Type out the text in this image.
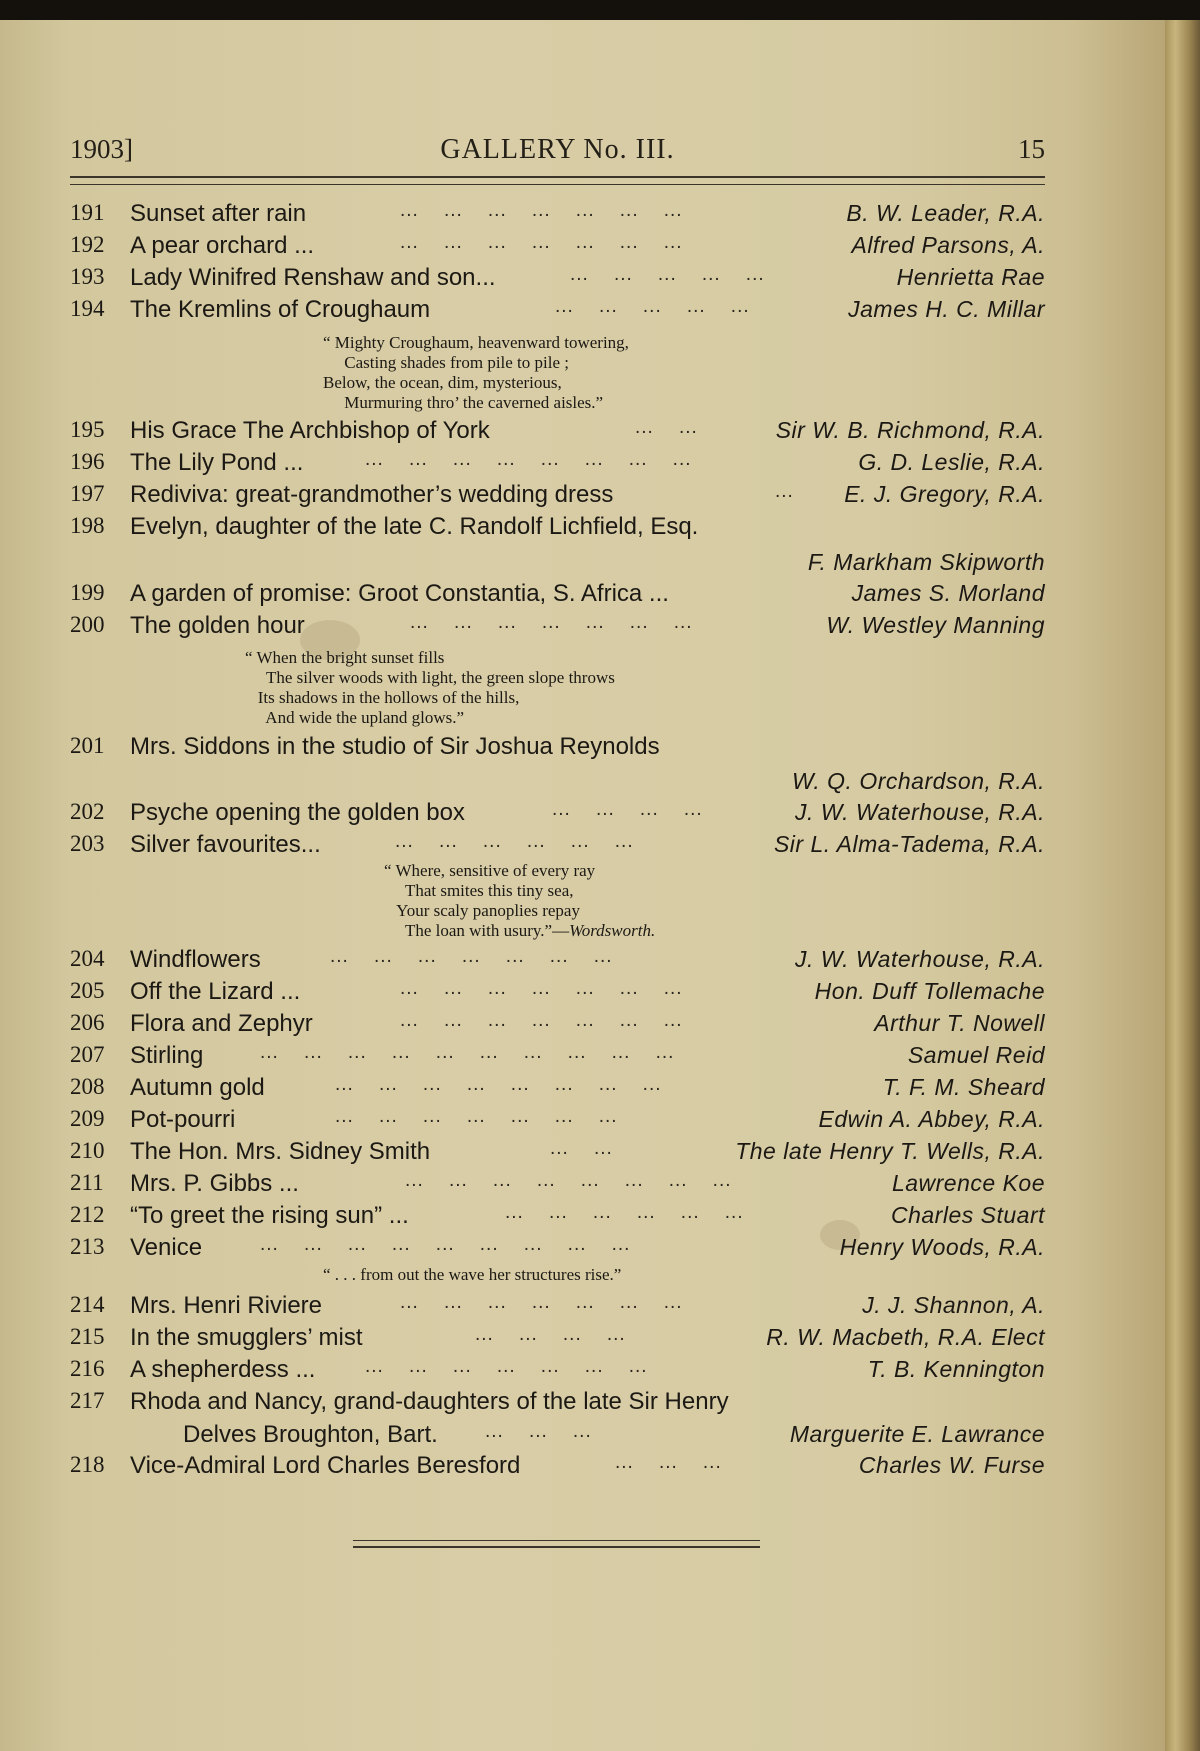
1903]	GALLERY No. III.	15
191 Sunset after rain	...    ...    ...    ...    ...    ...    ...	B. W. Leader, R.A.
192 A pear orchard ...	...    ...    ...    ...    ...    ...    ...	Alfred Parsons, A.
193 Lady Winifred Renshaw and son...	...    ...    ...    ...    ...	Henrietta Rae
194 The Kremlins of Croughaum	...    ...    ...    ...    ...	James H. C. Millar
“ Mighty Croughaum, heavenward towering,
Casting shades from pile to pile ;
Below, the ocean, dim, mysterious,
Murmuring thro’ the caverned aisles.”
195 His Grace The Archbishop of York	...    ...	Sir W. B. Richmond, R.A.
196 The Lily Pond ...	...    ...    ...    ...    ...    ...    ...    ...	G. D. Leslie, R.A.
197 Rediviva: great-grandmother’s wedding dress	...	E. J. Gregory, R.A.
198 Evelyn, daughter of the late C. Randolf Lichfield, Esq.
F. Markham Skipworth
199 A garden of promise: Groot Constantia, S. Africa ...	James S. Morland
200 The golden hour	...    ...    ...    ...    ...    ...    ...	W. Westley Manning
“ When the bright sunset fills
The silver woods with light, the green slope throws
Its shadows in the hollows of the hills,
And wide the upland glows.”
201 Mrs. Siddons in the studio of Sir Joshua Reynolds
W. Q. Orchardson, R.A.
202 Psyche opening the golden box	...    ...    ...    ...	J. W. Waterhouse, R.A.
203 Silver favourites...	...    ...    ...    ...    ...    ...	Sir L. Alma-Tadema, R.A.
“ Where, sensitive of every ray
That smites this tiny sea,
Your scaly panoplies repay
The loan with usury.”—Wordsworth.
204 Windflowers	...    ...    ...    ...    ...    ...    ...	J. W. Waterhouse, R.A.
205 Off the Lizard ...	...    ...    ...    ...    ...    ...    ...	Hon. Duff Tollemache
206 Flora and Zephyr	...    ...    ...    ...    ...    ...    ...	Arthur T. Nowell
207 Stirling	...    ...    ...    ...    ...    ...    ...    ...    ...    ...	Samuel Reid
208 Autumn gold	...    ...    ...    ...    ...    ...    ...    ...	T. F. M. Sheard
209 Pot-pourri	...    ...    ...    ...    ...    ...    ...	Edwin A. Abbey, R.A.
210 The Hon. Mrs. Sidney Smith	...    ...	The late Henry T. Wells, R.A.
211 Mrs. P. Gibbs ...	...    ...    ...    ...    ...    ...    ...    ...	Lawrence Koe
212 “To greet the rising sun” ...	...    ...    ...    ...    ...    ...	Charles Stuart
213 Venice	...    ...    ...    ...    ...    ...    ...    ...    ...	Henry Woods, R.A.
“ . . . from out the wave her structures rise.”
214 Mrs. Henri Riviere	...    ...    ...    ...    ...    ...    ...	J. J. Shannon, A.
215 In the smugglers’ mist	...    ...    ...    ...	R. W. Macbeth, R.A. Elect
216 A shepherdess ...	...    ...    ...    ...    ...    ...    ...	T. B. Kennington
217 Rhoda and Nancy, grand-daughters of the late Sir Henry
Delves Broughton, Bart. ...    ...    ...	Marguerite E. Lawrance
218 Vice-Admiral Lord Charles Beresford	...    ...    ...	Charles W. Furse
